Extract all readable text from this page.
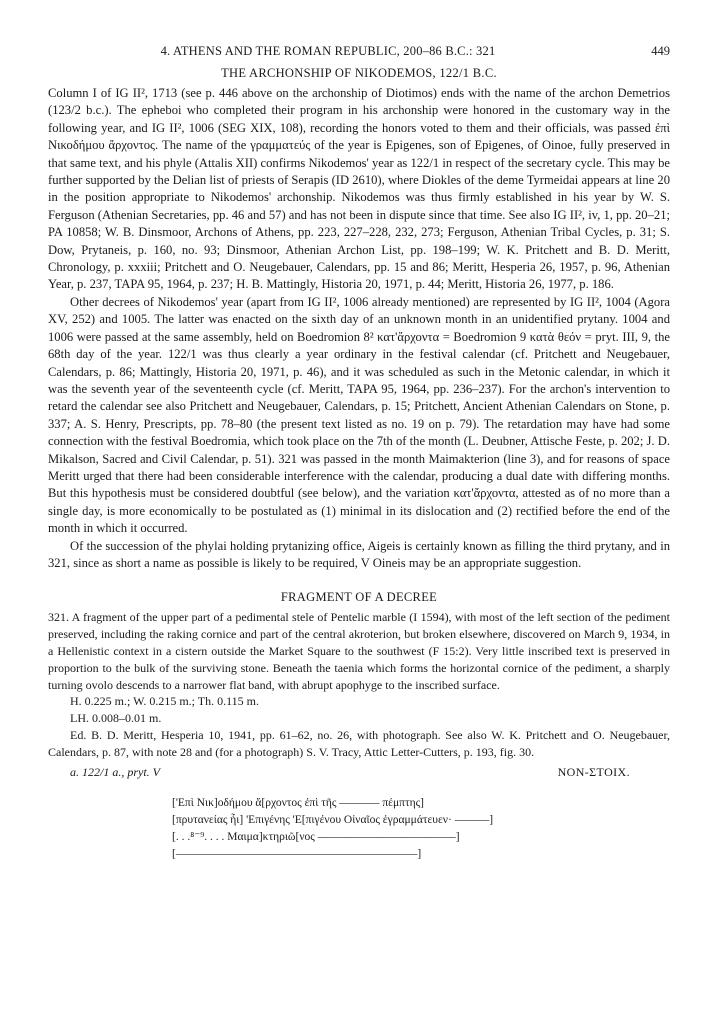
4. ATHENS AND THE ROMAN REPUBLIC, 200–86 B.C.: 321	449
THE ARCHONSHIP OF NIKODEMOS, 122/1 B.C.

Column I of IG II², 1713 (see p. 446 above on the archonship of Diotimos) ends with the name of the archon Demetrios (123/2 b.c.). The epheboi who completed their program in his archonship were honored in the customary way in the following year, and IG II², 1006 (SEG XIX, 108), recording the honors voted to them and their officials, was passed ἐπὶ Νικοδήμου ἄρχοντος. The name of the γραμματεύς of the year is Epigenes, son of Epigenes, of Oinoe, fully preserved in that same text, and his phyle (Attalis XII) confirms Nikodemos' year as 122/1 in respect of the secretary cycle. This may be further supported by the Delian list of priests of Serapis (ID 2610), where Diokles of the deme Tyrmeidai appears at line 20 in the position appropriate to Nikodemos' archonship. Nikodemos was thus firmly established in his year by W. S. Ferguson (Athenian Secretaries, pp. 46 and 57) and has not been in dispute since that time. See also IG II², iv, 1, pp. 20–21; PA 10858; W. B. Dinsmoor, Archons of Athens, pp. 223, 227–228, 232, 273; Ferguson, Athenian Tribal Cycles, p. 31; S. Dow, Prytaneis, p. 160, no. 93; Dinsmoor, Athenian Archon List, pp. 198–199; W. K. Pritchett and B. D. Meritt, Chronology, p. xxxiii; Pritchett and O. Neugebauer, Calendars, pp. 15 and 86; Meritt, Hesperia 26, 1957, p. 96, Athenian Year, p. 237, TAPA 95, 1964, p. 237; H. B. Mattingly, Historia 20, 1971, p. 44; Meritt, Historia 26, 1977, p. 186.

Other decrees of Nikodemos' year (apart from IG II², 1006 already mentioned) are represented by IG II², 1004 (Agora XV, 252) and 1005. The latter was enacted on the sixth day of an unknown month in an unidentified prytany. 1004 and 1006 were passed at the same assembly, held on Boedromion 8² κατ'ἄρχοντα = Boedromion 9 κατὰ θεόν = pryt. III, 9, the 68th day of the year. 122/1 was thus clearly a year ordinary in the festival calendar (cf. Pritchett and Neugebauer, Calendars, p. 86; Mattingly, Historia 20, 1971, p. 46), and it was scheduled as such in the Metonic calendar, in which it was the seventh year of the seventeenth cycle (cf. Meritt, TAPA 95, 1964, pp. 236–237). For the archon's intervention to retard the calendar see also Pritchett and Neugebauer, Calendars, p. 15; Pritchett, Ancient Athenian Calendars on Stone, p. 337; A. S. Henry, Prescripts, pp. 78–80 (the present text listed as no. 19 on p. 79). The retardation may have had some connection with the festival Boedromia, which took place on the 7th of the month (L. Deubner, Attische Feste, p. 202; J. D. Mikalson, Sacred and Civil Calendar, p. 51). 321 was passed in the month Maimakterion (line 3), and for reasons of space Meritt urged that there had been considerable interference with the calendar, producing a dual date with differing months. But this hypothesis must be considered doubtful (see below), and the variation κατ'ἄρχοντα, attested as of no more than a single day, is more economically to be postulated as (1) minimal in its dislocation and (2) rectified before the end of the month in which it occurred.

Of the succession of the phylai holding prytanizing office, Aigeis is certainly known as filling the third prytany, and in 321, since as short a name as possible is likely to be required, V Oineis may be an appropriate suggestion.

FRAGMENT OF A DECREE

321. A fragment of the upper part of a pedimental stele of Pentelic marble (I 1594), with most of the left section of the pediment preserved, including the raking cornice and part of the central akroterion, but broken elsewhere, discovered on March 9, 1934, in a Hellenistic context in a cistern outside the Market Square to the southwest (F 15:2). Very little inscribed text is preserved in proportion to the bulk of the surviving stone. Beneath the taenia which forms the horizontal cornice of the pediment, a sharply turning ovolo descends to a narrower flat band, with abrupt apophyge to the inscribed surface.

H. 0.225 m.; W. 0.215 m.; Th. 0.115 m.

LH. 0.008–0.01 m.

Ed. B. D. Meritt, Hesperia 10, 1941, pp. 61–62, no. 26, with photograph. See also W. K. Pritchett and O. Neugebauer, Calendars, p. 87, with note 28 and (for a photograph) S. V. Tracy, Attic Letter-Cutters, p. 193, fig. 30.

a. 122/1 a., pryt. V	NON-ΣΤΟΙΧ.
['Επὶ Νικ]οδήμου ἄ[ρχοντος ἐπὶ τῆς ––––––– πέμπτης]
[πρυτανείας ἧι] 'Επιγένης 'Ε[πιγένου Οἰναῖος ἐγραμμάτευεν· ––––––]
[. . .⁸⁻⁹. . . . Μαιμα]κτηριῶ[νος ––––––––––––––––––––––––]
[––––––––––––––––––––––––––––––––––––––––––]
